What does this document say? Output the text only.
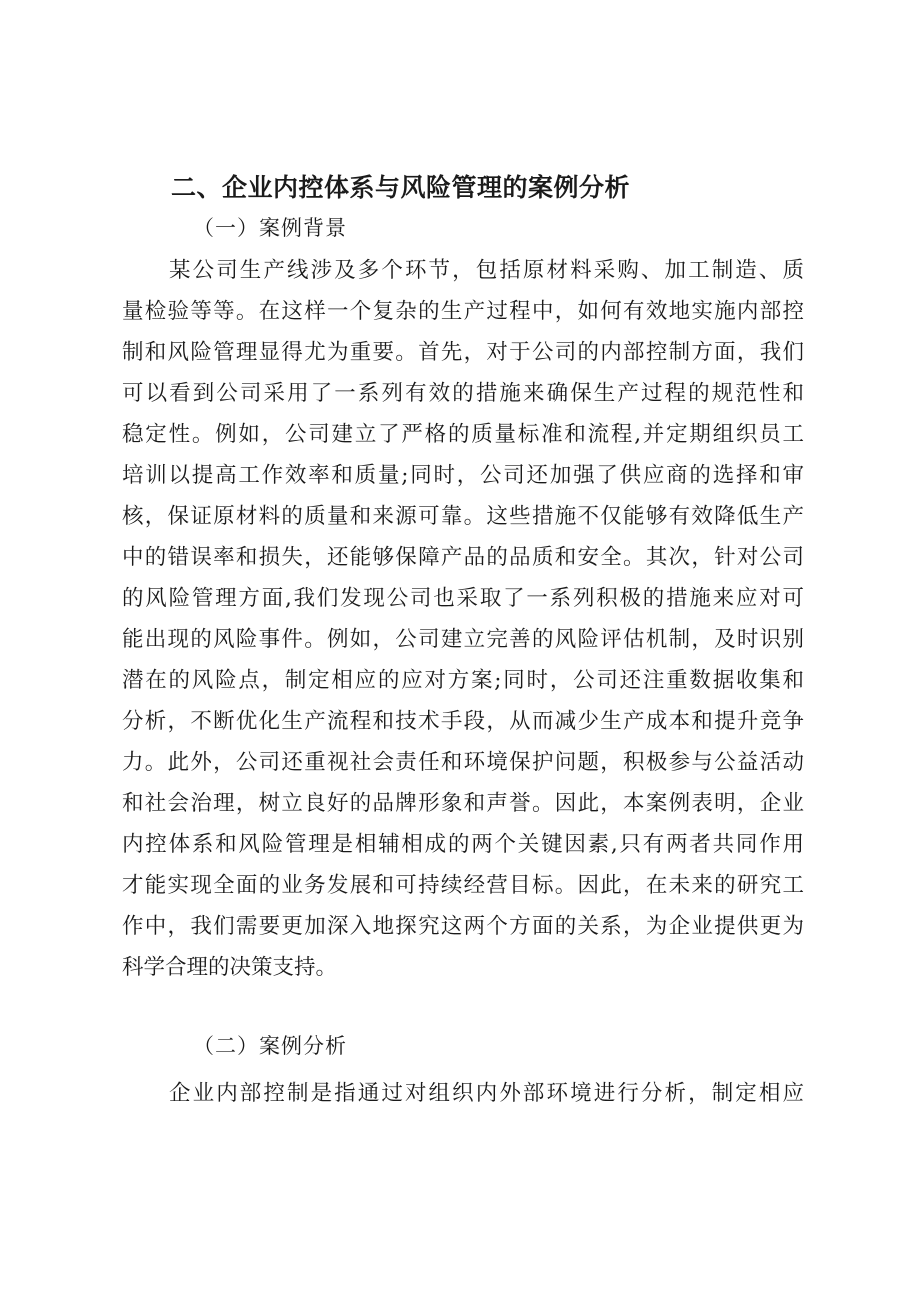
二、企业内控体系与风险管理的案例分析
（一）案例背景
某公司生产线涉及多个环节，包括原材料采购、加工制造、质
量检验等等。在这样一个复杂的生产过程中，如何有效地实施内部控
制和风险管理显得尤为重要。首先，对于公司的内部控制方面，我们
可以看到公司采用了一系列有效的措施来确保生产过程的规范性和
稳定性。例如，公司建立了严格的质量标准和流程,并定期组织员工
培训以提高工作效率和质量;同时，公司还加强了供应商的选择和审
核，保证原材料的质量和来源可靠。这些措施不仅能够有效降低生产
中的错误率和损失，还能够保障产品的品质和安全。其次，针对公司
的风险管理方面,我们发现公司也采取了一系列积极的措施来应对可
能出现的风险事件。例如，公司建立完善的风险评估机制，及时识别
潜在的风险点，制定相应的应对方案;同时，公司还注重数据收集和
分析，不断优化生产流程和技术手段，从而减少生产成本和提升竞争
力。此外，公司还重视社会责任和环境保护问题，积极参与公益活动
和社会治理，树立良好的品牌形象和声誉。因此，本案例表明，企业
内控体系和风险管理是相辅相成的两个关键因素,只有两者共同作用
才能实现全面的业务发展和可持续经营目标。因此，在未来的研究工
作中，我们需要更加深入地探究这两个方面的关系，为企业提供更为
科学合理的决策支持。
（二）案例分析
企业内部控制是指通过对组织内外部环境进行分析，制定相应
